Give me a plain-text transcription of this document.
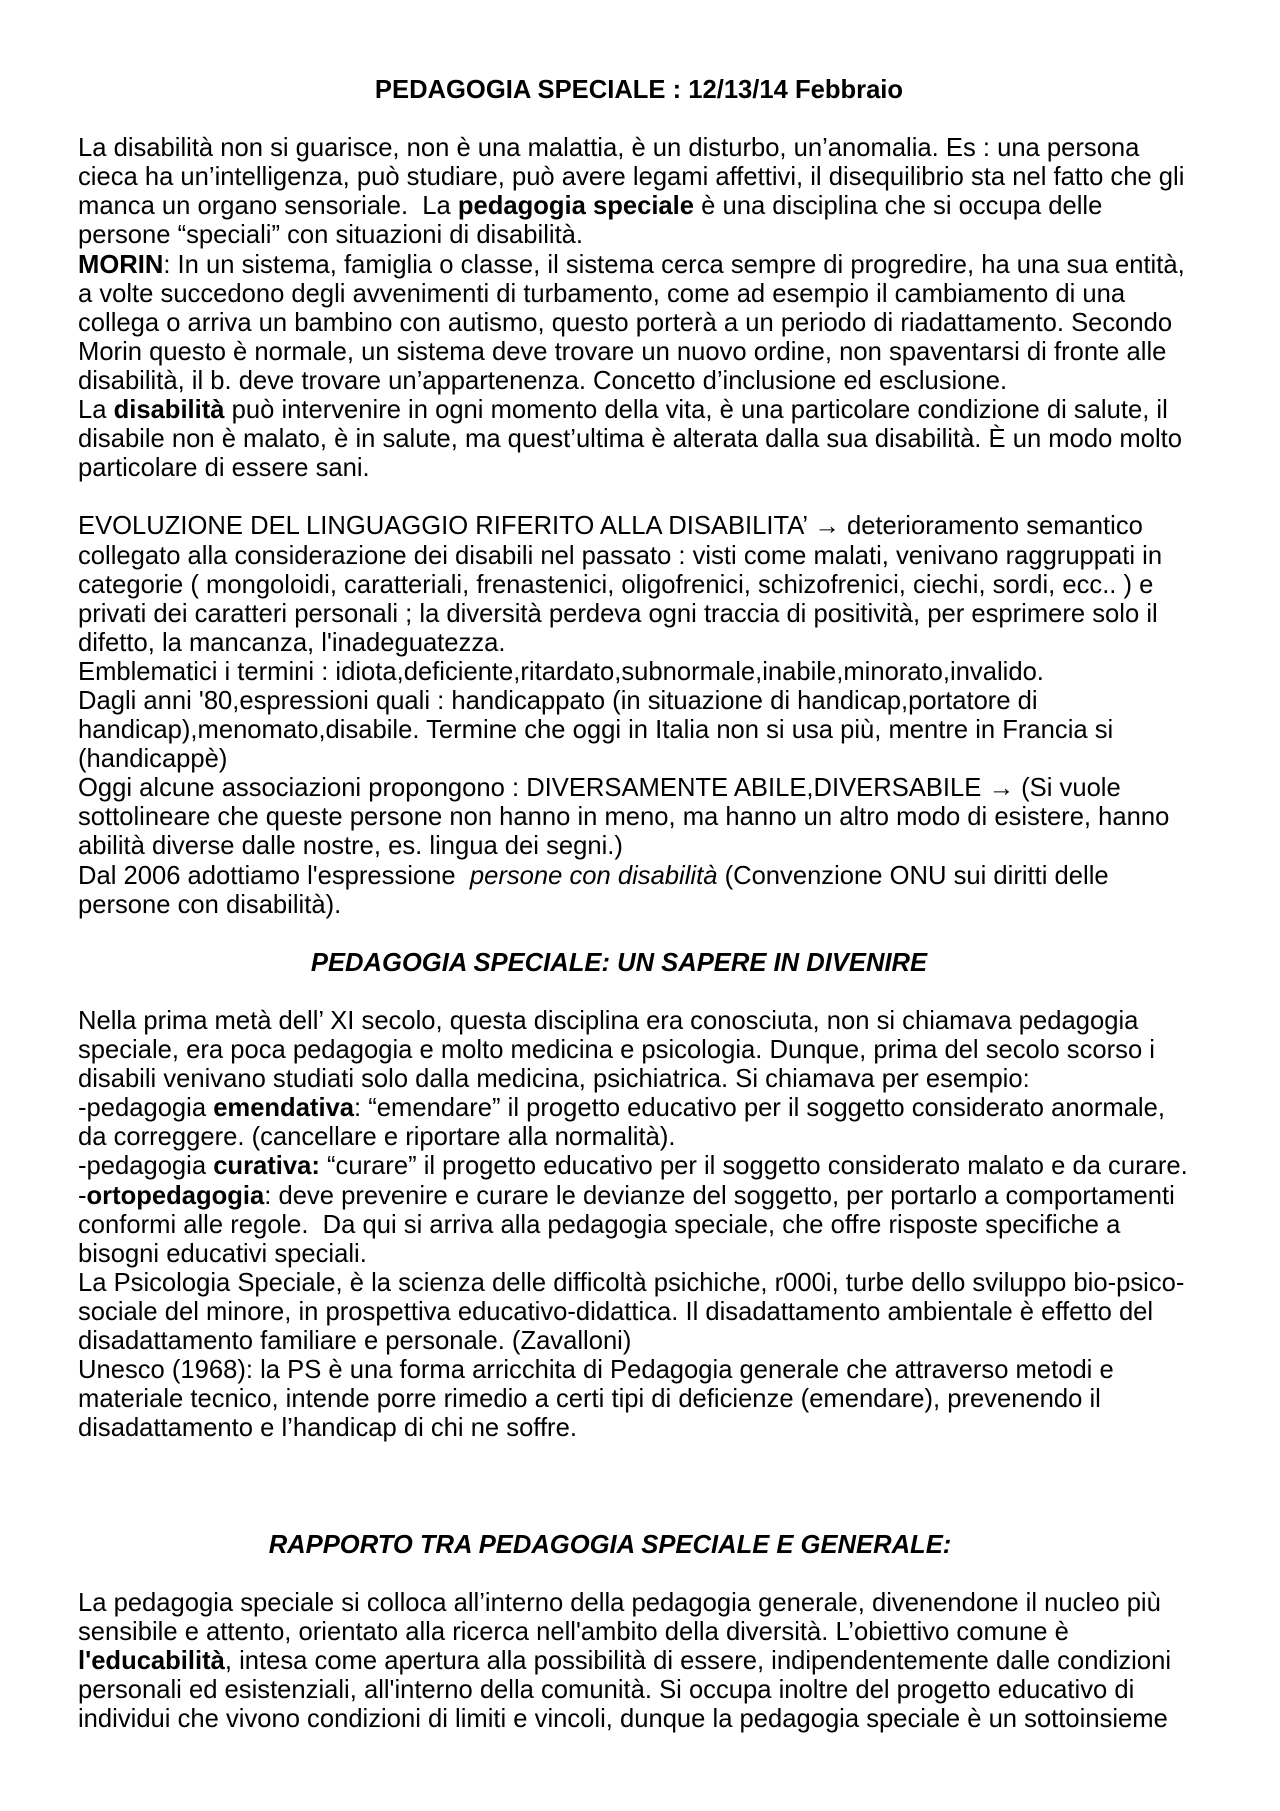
PEDAGOGIA SPECIALE : 12/13/14 Febbraio
La disabilità non si guarisce, non è una malattia, è un disturbo, un’anomalia. Es : una persona
cieca ha un’intelligenza, può studiare, può avere legami affettivi, il disequilibrio sta nel fatto che gli
manca un organo sensoriale.  La pedagogia speciale è una disciplina che si occupa delle
persone “speciali” con situazioni di disabilità.
MORIN: In un sistema, famiglia o classe, il sistema cerca sempre di progredire, ha una sua entità,
a volte succedono degli avvenimenti di turbamento, come ad esempio il cambiamento di una
collega o arriva un bambino con autismo, questo porterà a un periodo di riadattamento. Secondo
Morin questo è normale, un sistema deve trovare un nuovo ordine, non spaventarsi di fronte alle
disabilità, il b. deve trovare un’appartenenza. Concetto d’inclusione ed esclusione.
La disabilità può intervenire in ogni momento della vita, è una particolare condizione di salute, il
disabile non è malato, è in salute, ma quest’ultima è alterata dalla sua disabilità. È un modo molto
particolare di essere sani.
EVOLUZIONE DEL LINGUAGGIO RIFERITO ALLA DISABILITA’ → deterioramento semantico
collegato alla considerazione dei disabili nel passato : visti come malati, venivano raggruppati in
categorie ( mongoloidi, caratteriali, frenastenici, oligofrenici, schizofrenici, ciechi, sordi, ecc.. ) e
privati dei caratteri personali ; la diversità perdeva ogni traccia di positività, per esprimere solo il
difetto, la mancanza, l'inadeguatezza.
Emblematici i termini : idiota,deficiente,ritardato,subnormale,inabile,minorato,invalido.
Dagli anni '80,espressioni quali : handicappato (in situazione di handicap,portatore di
handicap),menomato,disabile. Termine che oggi in Italia non si usa più, mentre in Francia si
(handicappè)
Oggi alcune associazioni propongono : DIVERSAMENTE ABILE,DIVERSABILE → (Si vuole
sottolineare che queste persone non hanno in meno, ma hanno un altro modo di esistere, hanno
abilità diverse dalle nostre, es. lingua dei segni.)
Dal 2006 adottiamo l'espressione  persone con disabilità (Convenzione ONU sui diritti delle
persone con disabilità).
PEDAGOGIA SPECIALE: UN SAPERE IN DIVENIRE
Nella prima metà dell’ XI secolo, questa disciplina era conosciuta, non si chiamava pedagogia
speciale, era poca pedagogia e molto medicina e psicologia. Dunque, prima del secolo scorso i
disabili venivano studiati solo dalla medicina, psichiatrica. Si chiamava per esempio:
-pedagogia emendativa: “emendare” il progetto educativo per il soggetto considerato anormale,
da correggere. (cancellare e riportare alla normalità).
-pedagogia curativa: “curare” il progetto educativo per il soggetto considerato malato e da curare.
-ortopedagogia: deve prevenire e curare le devianze del soggetto, per portarlo a comportamenti
conformi alle regole.  Da qui si arriva alla pedagogia speciale, che offre risposte specifiche a
bisogni educativi speciali.
La Psicologia Speciale, è la scienza delle difficoltà psichiche, r000i, turbe dello sviluppo bio-psico-
sociale del minore, in prospettiva educativo-didattica. Il disadattamento ambientale è effetto del
disadattamento familiare e personale. (Zavalloni)
Unesco (1968): la PS è una forma arricchita di Pedagogia generale che attraverso metodi e
materiale tecnico, intende porre rimedio a certi tipi di deficienze (emendare), prevenendo il
disadattamento e l’handicap di chi ne soffre.
RAPPORTO TRA PEDAGOGIA SPECIALE E GENERALE:
La pedagogia speciale si colloca all’interno della pedagogia generale, divenendone il nucleo più
sensibile e attento, orientato alla ricerca nell'ambito della diversità. L’obiettivo comune è
l'educabilità, intesa come apertura alla possibilità di essere, indipendentemente dalle condizioni
personali ed esistenziali, all'interno della comunità. Si occupa inoltre del progetto educativo di
individui che vivono condizioni di limiti e vincoli, dunque la pedagogia speciale è un sottoinsieme
